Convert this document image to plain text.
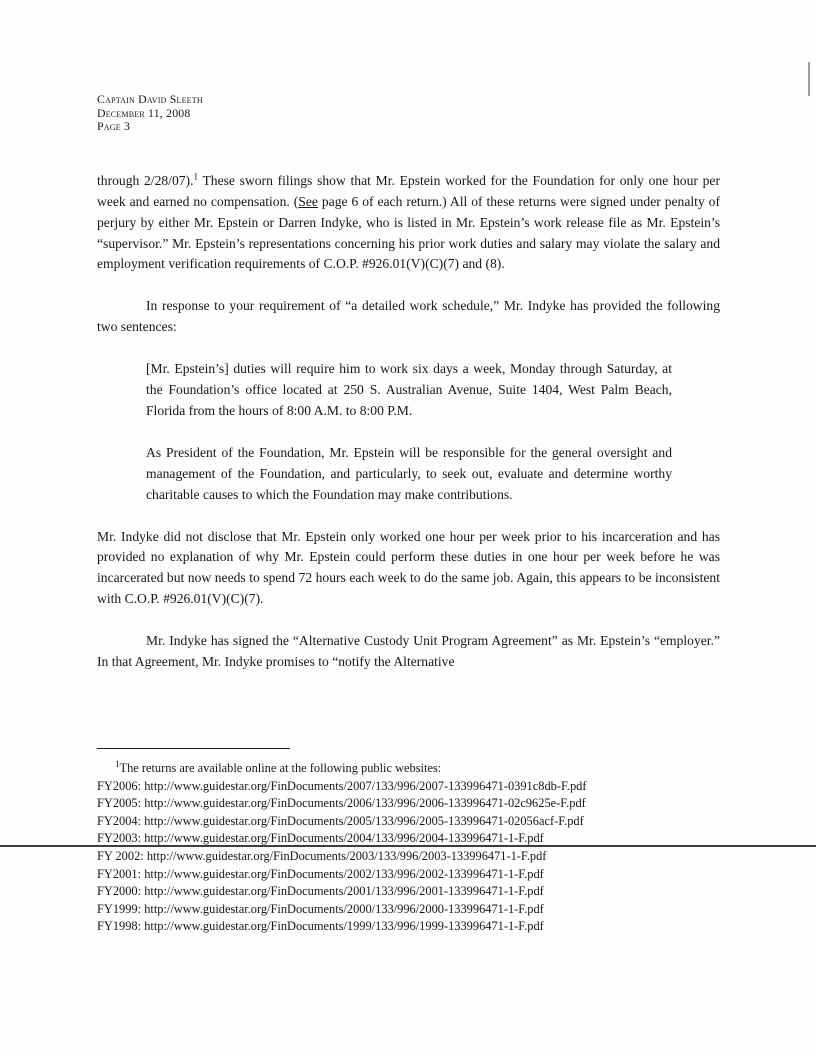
Captain David Sleeth
December 11, 2008
Page 3

through 2/28/07).$^1$ These sworn filings show that Mr. Epstein worked for the Foundation for only one hour per week and earned no compensation. (See page 6 of each return.) All of these returns were signed under penalty of perjury by either Mr. Epstein or Darren Indyke, who is listed in Mr. Epstein’s work release file as Mr. Epstein’s “supervisor.” Mr. Epstein’s representations concerning his prior work duties and salary may violate the salary and employment verification requirements of C.O.P. #926.01(V)(C)(7) and (8).

In response to your requirement of “a detailed work schedule,” Mr. Indyke has provided the following two sentences:

[Mr. Epstein’s] duties will require him to work six days a week, Monday through Saturday, at the Foundation’s office located at 250 S. Australian Avenue, Suite 1404, West Palm Beach, Florida from the hours of 8:00 A.M. to 8:00 P.M.
As President of the Foundation, Mr. Epstein will be responsible for the general oversight and management of the Foundation, and particularly, to seek out, evaluate and determine worthy charitable causes to which the Foundation may make contributions.

Mr. Indyke did not disclose that Mr. Epstein only worked one hour per week prior to his incarceration and has provided no explanation of why Mr. Epstein could perform these duties in one hour per week before he was incarcerated but now needs to spend 72 hours each week to do the same job. Again, this appears to be inconsistent with C.O.P. #926.01(V)(C)(7).

Mr. Indyke has signed the “Alternative Custody Unit Program Agreement” as Mr. Epstein’s “employer.” In that Agreement, Mr. Indyke promises to “notify the Alternative

$^1$The returns are available online at the following public websites:
FY2006: http://www.guidestar.org/FinDocuments/2007/133/996/2007-133996471-0391c8db-F.pdf
FY2005: http://www.guidestar.org/FinDocuments/2006/133/996/2006-133996471-02c9625e-F.pdf
FY2004: http://www.guidestar.org/FinDocuments/2005/133/996/2005-133996471-02056acf-F.pdf
FY2003: http://www.guidestar.org/FinDocuments/2004/133/996/2004-133996471-1-F.pdf
FY 2002: http://www.guidestar.org/FinDocuments/2003/133/996/2003-133996471-1-F.pdf
FY2001: http://www.guidestar.org/FinDocuments/2002/133/996/2002-133996471-1-F.pdf
FY2000: http://www.guidestar.org/FinDocuments/2001/133/996/2001-133996471-1-F.pdf
FY1999: http://www.guidestar.org/FinDocuments/2000/133/996/2000-133996471-1-F.pdf
FY1998: http://www.guidestar.org/FinDocuments/1999/133/996/1999-133996471-1-F.pdf
